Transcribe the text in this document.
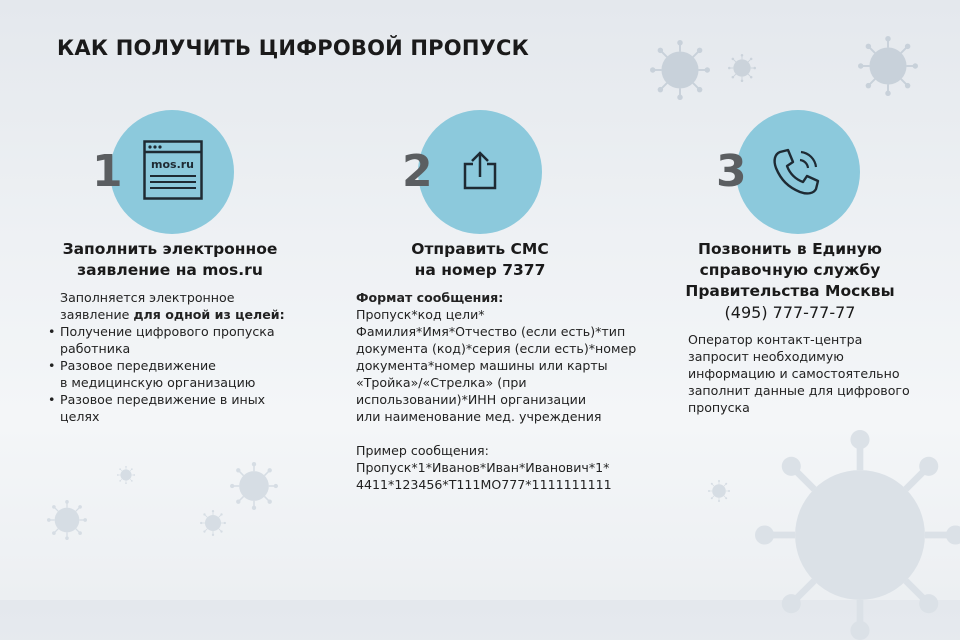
КАК ПОЛУЧИТЬ ЦИФРОВОЙ ПРОПУСК
1	mos.ru
Заполнить электронное
заявление на mos.ru

Заполняется электронное

заявление для одной из целей:

• Получение цифрового пропуска
работника
• Разовое передвижение
в медицинскую организацию
• Разовое передвижение в иных
целях
2
Отправить СМС
на номер 7377

Формат сообщения:

Пропуск*код цели*

Фамилия*Имя*Отчество (если есть)*тип

документа (код)*серия (если есть)*номер

документа*номер машины или карты

«Тройка»/«Стрелка» (при

использовании)*ИНН организации

или наименование мед. учреждения

Пример сообщения:

Пропуск*1*Иванов*Иван*Иванович*1*

4411*123456*Т111МО777*1111111111

3
Позвонить в Единую
справочную службу
Правительства Москвы
(495) 777-77-77

Оператор контакт-центра

запросит необходимую

информацию и самостоятельно

заполнит данные для цифрового

пропуска
